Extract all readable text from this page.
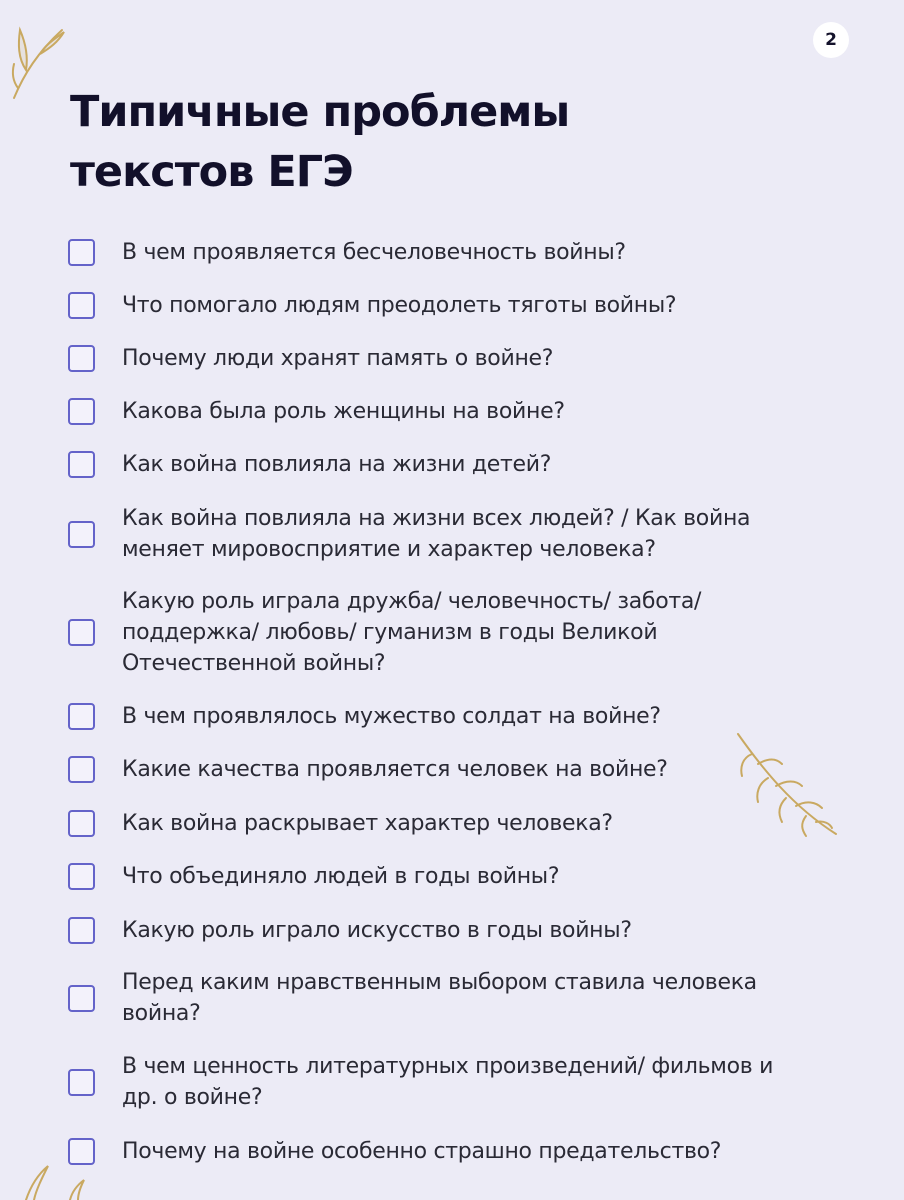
2
Типичные проблемы
текстов ЕГЭ
В чем проявляется бесчеловечность войны?
Что помогало людям преодолеть тяготы войны?
Почему люди хранят память о войне?
Какова была роль женщины на войне?
Как война повлияла на жизни детей?
Как война повлияла на жизни всех людей? / Как война
меняет мировосприятие и характер человека?
Какую роль играла дружба/ человечность/ забота/
поддержка/ любовь/ гуманизм в годы Великой
Отечественной войны?
В чем проявлялось мужество солдат на войне?
Какие качества проявляется человек на войне?
Как война раскрывает характер человека?
Что объединяло людей в годы войны?
Какую роль играло искусство в годы войны?
Перед каким нравственным выбором ставила человека
война?
В чем ценность литературных произведений/ фильмов и
др. о войне?
Почему на войне особенно страшно предательство?
